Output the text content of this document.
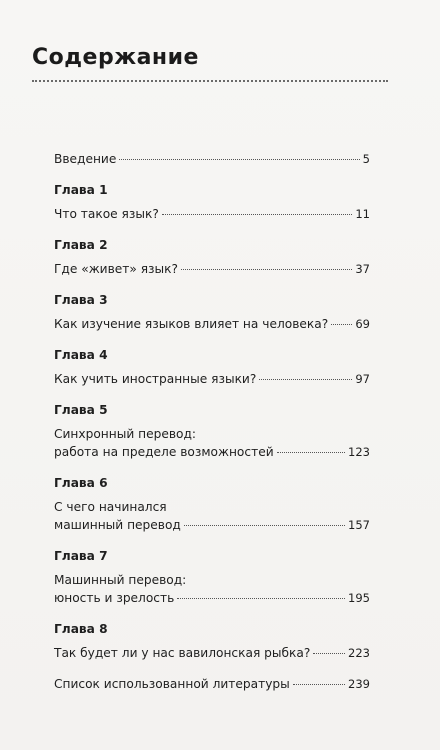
Содержание
Введение	5
Глава 1
Что такое язык?	11
Глава 2
Где «живет» язык?	37
Глава 3
Как изучение языков влияет на человека? 69
Глава 4
Как учить иностранные языки?	97
Глава 5
Синхронный перевод:
работа на пределе возможностей	123
Глава 6
С чего начинался
машинный перевод	157
Глава 7
Машинный перевод:
юность и зрелость	195
Глава 8
Так будет ли у нас вавилонская рыбка?	223
Список использованной литературы	239
